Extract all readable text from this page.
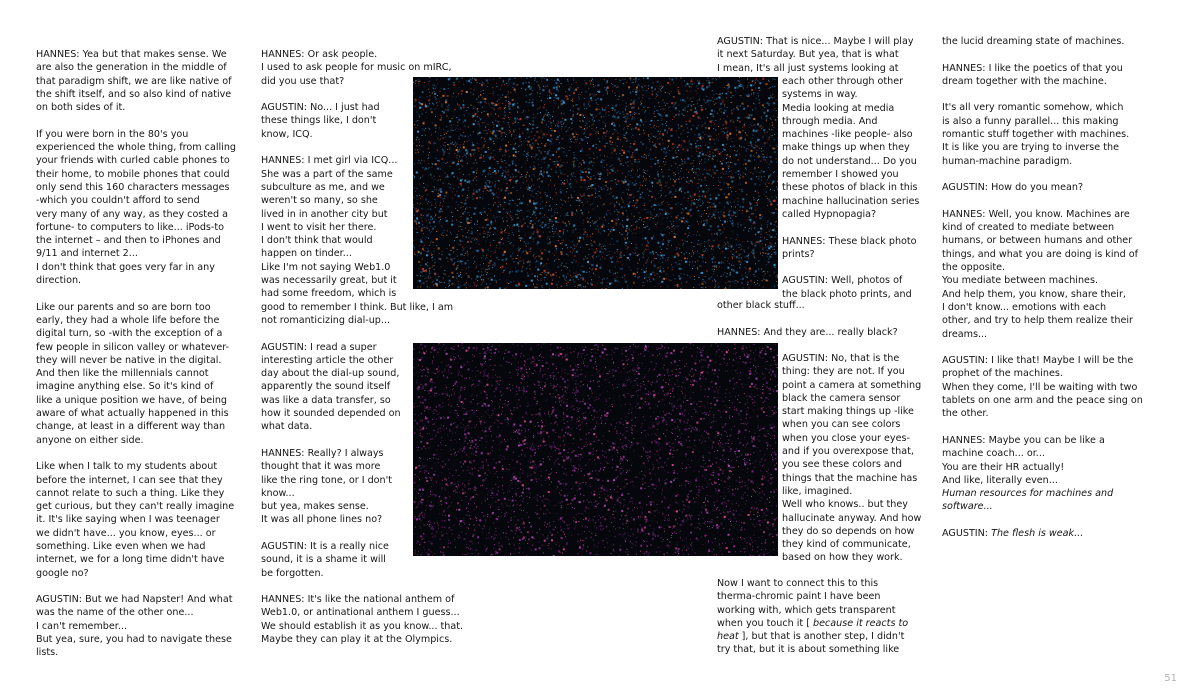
HANNES: Yea but that makes sense. We
are also the generation in the middle of
that paradigm shift, we are like native of
the shift itself, and so also kind of native
on both sides of it.

If you were born in the 80's you
experienced the whole thing, from calling
your friends with curled cable phones to
their home, to mobile phones that could
only send this 160 characters messages
-which you couldn't afford to send
very many of any way, as they costed a
fortune- to computers to like... iPods-to
the internet – and then to iPhones and
9/11 and internet 2...
I don't think that goes very far in any
direction.

Like our parents and so are born too
early, they had a whole life before the
digital turn, so -with the exception of a
few people in silicon valley or whatever-
they will never be native in the digital.
And then like the millennials cannot
imagine anything else. So it's kind of
like a unique position we have, of being
aware of what actually happened in this
change, at least in a different way than
anyone on either side.

Like when I talk to my students about
before the internet, I can see that they
cannot relate to such a thing. Like they
get curious, but they can't really imagine
it. It's like saying when I was teenager
we didn't have... you know, eyes... or
something. Like even when we had
internet, we for a long time didn't have
google no?

AGUSTIN: But we had Napster! And what
was the name of the other one...
I can't remember...
But yea, sure, you had to navigate these
lists.

HANNES: Or ask people.
I used to ask people for music on mIRC,
did you use that?

AGUSTIN: No... I just had
these things like, I don't
know, ICQ.

HANNES: I met girl via ICQ...
She was a part of the same
subculture as me, and we
weren't so many, so she
lived in in another city but
I went to visit her there.
I don't think that would
happen on tinder...
Like I'm not saying Web1.0
was necessarily great, but it
had some freedom, which is
good to remember I think. But like, I am
not romanticizing dial-up...

AGUSTIN: I read a super
interesting article the other
day about the dial-up sound,
apparently the sound itself
was like a data transfer, so
how it sounded depended on
what data.

HANNES: Really? I always
thought that it was more
like the ring tone, or I don't
know...
but yea, makes sense.
It was all phone lines no?

AGUSTIN: It is a really nice
sound, it is a shame it will
be forgotten.

HANNES: It's like the national anthem of
Web1.0, or antinational anthem I guess...
We should establish it as you know... that.
Maybe they can play it at the Olympics.

AGUSTIN: That is nice... Maybe I will play
it next Saturday. But yea, that is what
I mean, It's all just systems looking at

each other through other
systems in way.
Media looking at media
through media. And
machines -like people- also
make things up when they
do not understand... Do you
remember I showed you
these photos of black in this
machine hallucination series
called Hypnopagia?

HANNES: These black photo
prints?

AGUSTIN: Well, photos of
the black photo prints, and

other black stuff...

HANNES: And they are... really black?

AGUSTIN: No, that is the
thing: they are not. If you
point a camera at something
black the camera sensor
start making things up -like
when you can see colors
when you close your eyes-
and if you overexpose that,
you see these colors and
things that the machine has
like, imagined.
Well who knows.. but they
hallucinate anyway. And how
they do so depends on how
they kind of communicate,
based on how they work.

Now I want to connect this to this
therma-chromic paint I have been
working with, which gets transparent
when you touch it [ because it reacts to
heat ], but that is another step, I didn't
try that, but it is about something like

the lucid dreaming state of machines.

HANNES: I like the poetics of that you
dream together with the machine.

It's all very romantic somehow, which
is also a funny parallel... this making
romantic stuff together with machines.
It is like you are trying to inverse the
human-machine paradigm.

AGUSTIN: How do you mean?

HANNES: Well, you know. Machines are
kind of created to mediate between
humans, or between humans and other
things, and what you are doing is kind of
the opposite.
You mediate between machines.
And help them, you know, share their,
I don't know... emotions with each
other, and try to help them realize their
dreams...

AGUSTIN: I like that! Maybe I will be the
prophet of the machines.
When they come, I'll be waiting with two
tablets on one arm and the peace sing on
the other.

HANNES: Maybe you can be like a
machine coach... or...
You are their HR actually!
And like, literally even...

Human resources for machines and
software...

AGUSTIN: The flesh is weak...

51
